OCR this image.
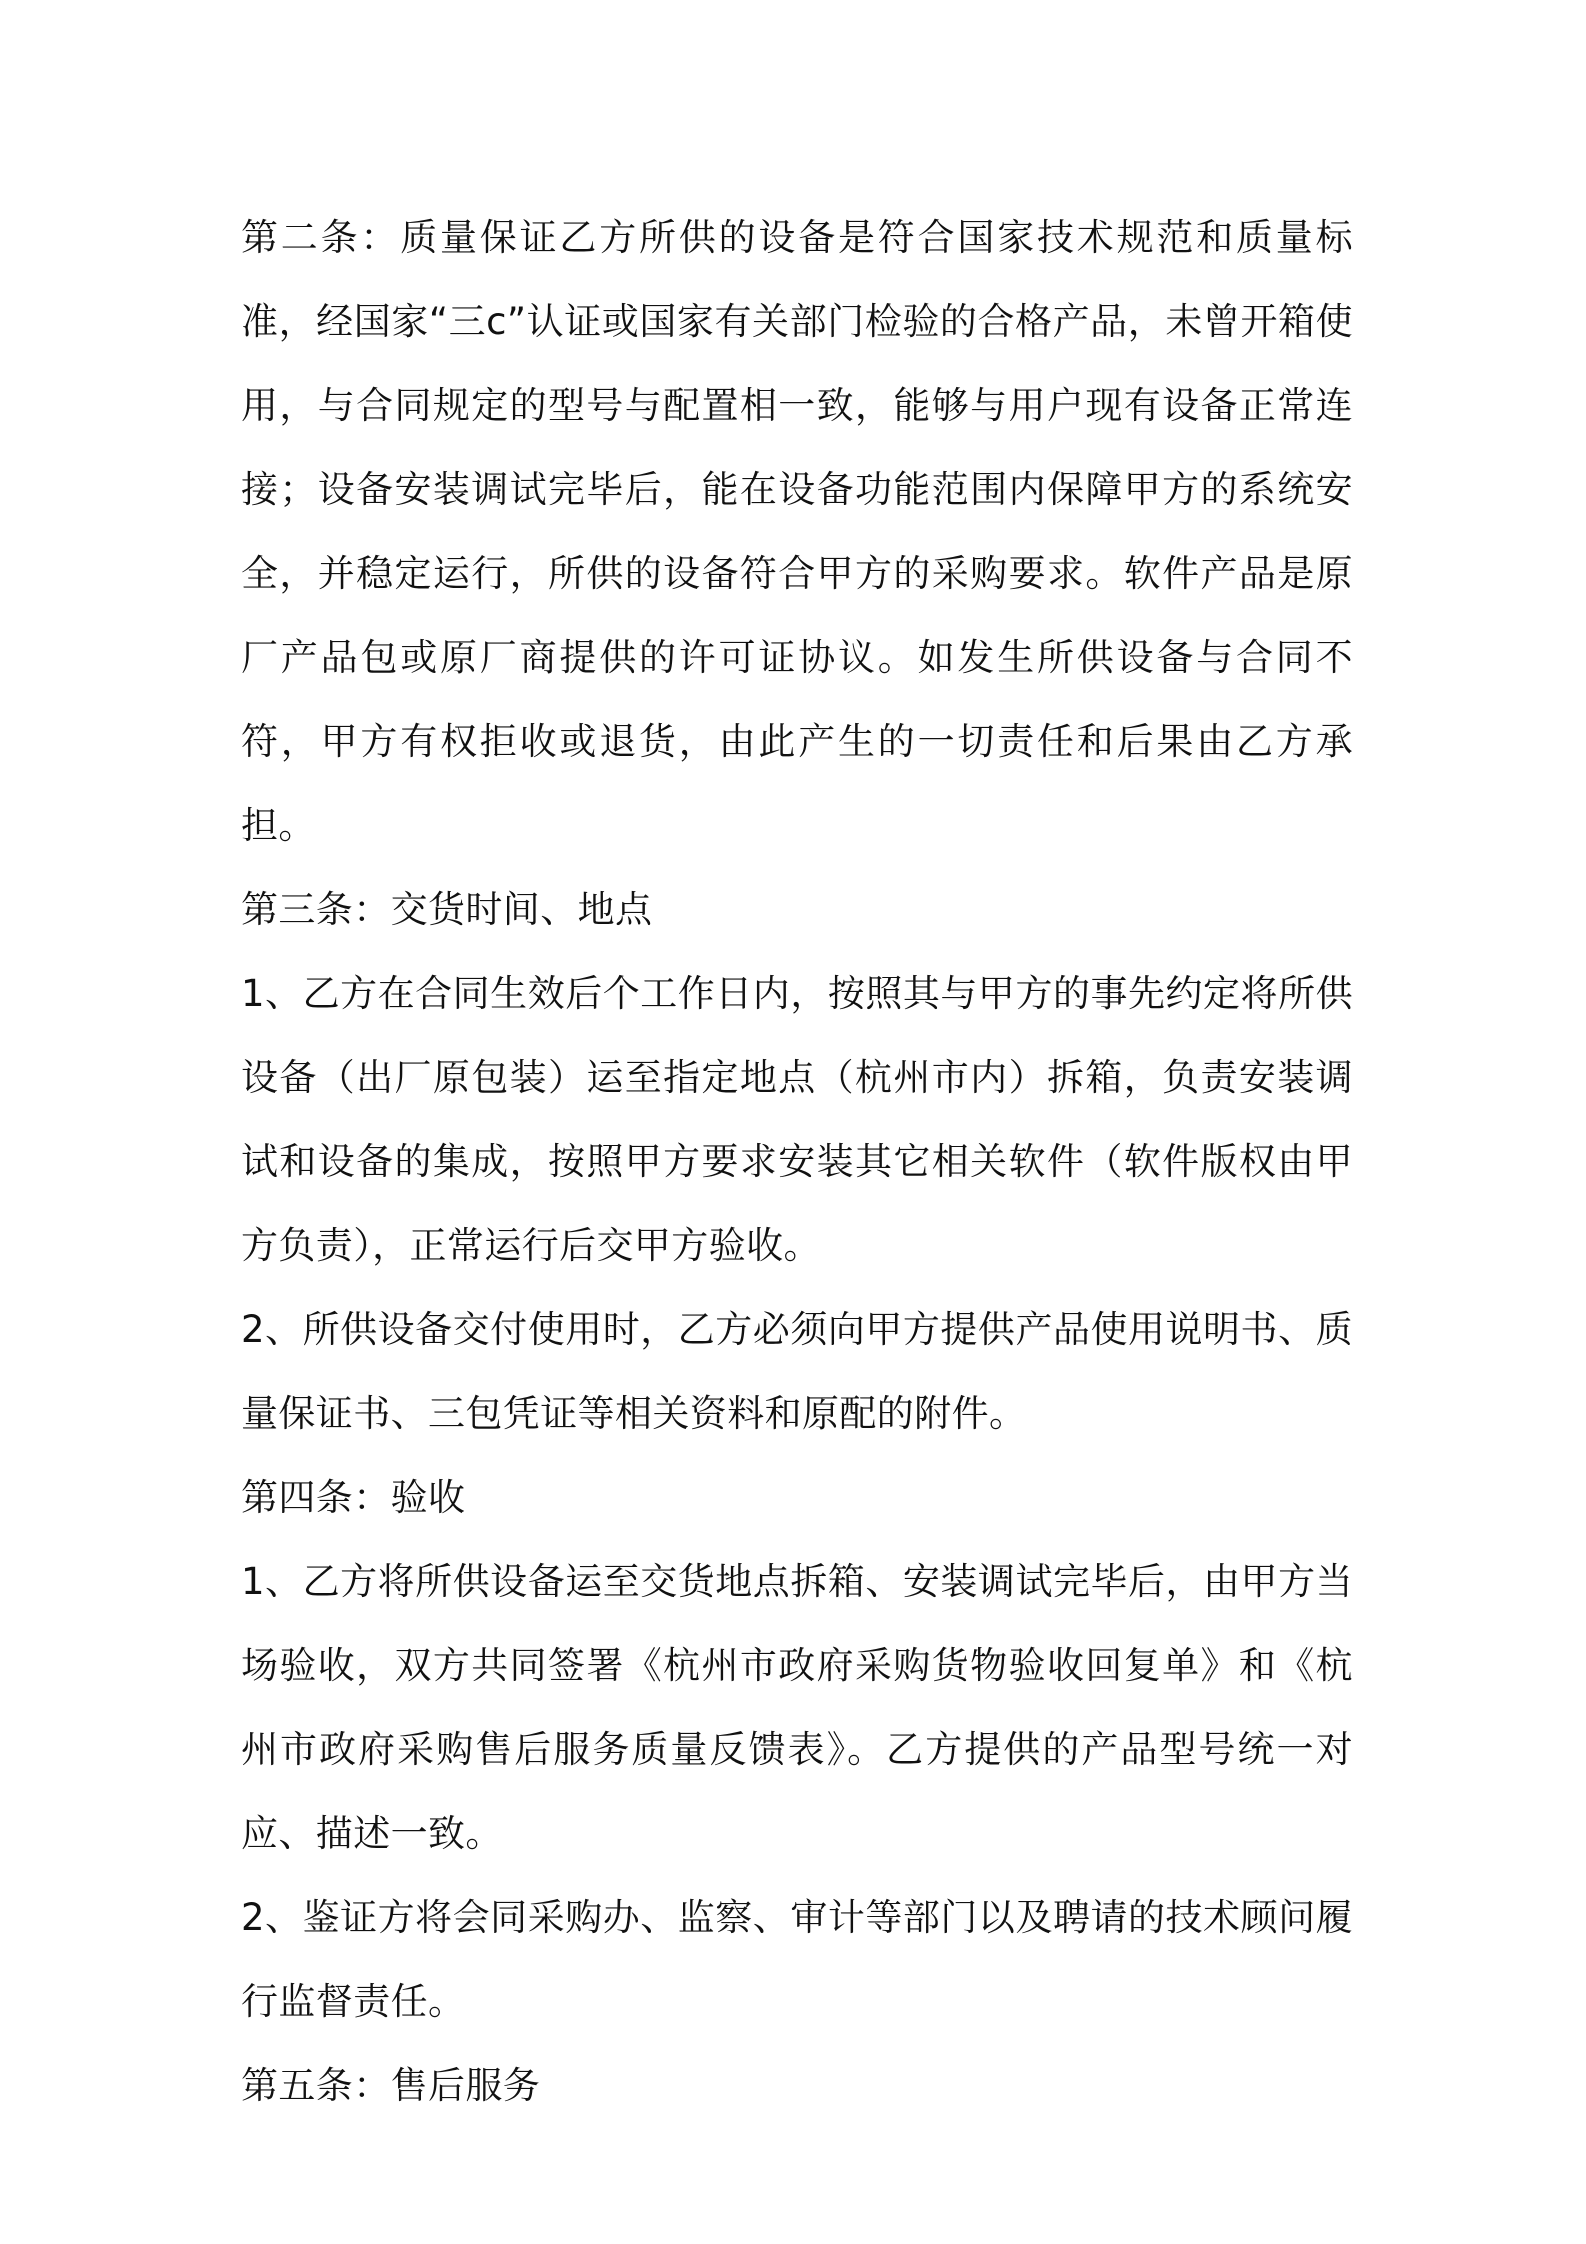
第二条：质量保证乙方所供的设备是符合国家技术规范和质量标准，经国家“三c”认证或国家有关部门检验的合格产品，未曾开箱使用，与合同规定的型号与配置相一致，能够与用户现有设备正常连接；设备安装调试完毕后，能在设备功能范围内保障甲方的系统安全，并稳定运行，所供的设备符合甲方的采购要求。软件产品是原厂产品包或原厂商提供的许可证协议。如发生所供设备与合同不符，甲方有权拒收或退货，由此产生的一切责任和后果由乙方承担。

第三条：交货时间、地点

1、乙方在合同生效后个工作日内，按照其与甲方的事先约定将所供设备（出厂原包装）运至指定地点（杭州市内）拆箱，负责安装调试和设备的集成，按照甲方要求安装其它相关软件（软件版权由甲方负责），正常运行后交甲方验收。

2、所供设备交付使用时，乙方必须向甲方提供产品使用说明书、质量保证书、三包凭证等相关资料和原配的附件。

第四条：验收

1、乙方将所供设备运至交货地点拆箱、安装调试完毕后，由甲方当场验收，双方共同签署《杭州市政府采购货物验收回复单》和《杭州市政府采购售后服务质量反馈表》。乙方提供的产品型号统一对应、描述一致。

2、鉴证方将会同采购办、监察、审计等部门以及聘请的技术顾问履行监督责任。

第五条：售后服务
